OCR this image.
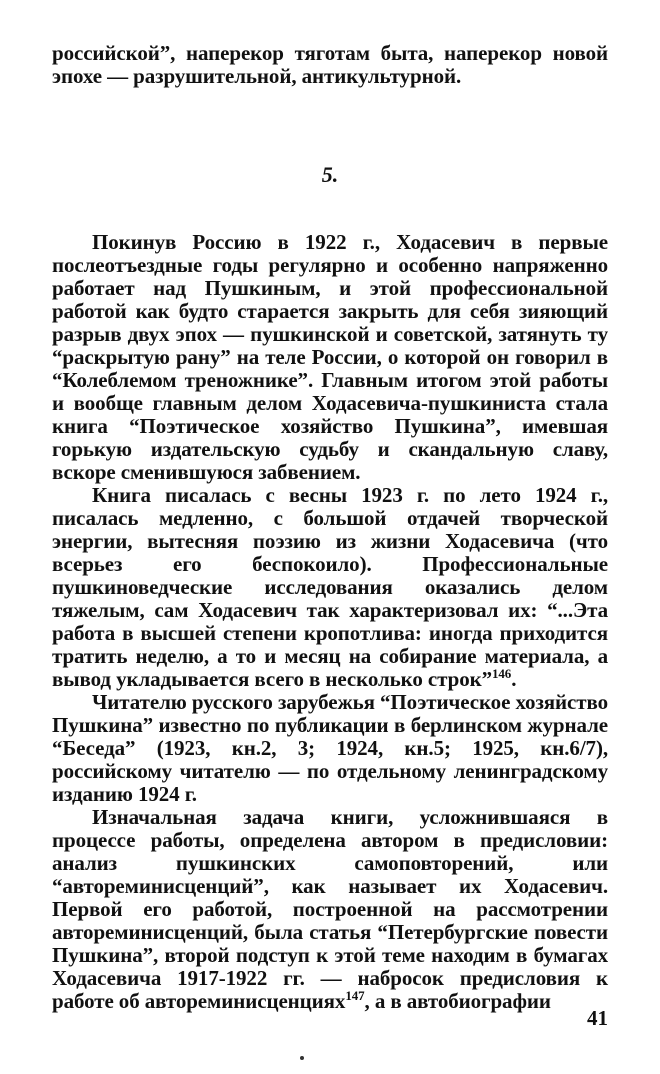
российской”, наперекор тяготам быта, наперекор новой эпохе — разрушительной, антикультурной.

5.

Покинув Россию в 1922 г., Ходасевич в первые послеотъездные годы регулярно и особенно напряженно работает над Пушкиным, и этой профессиональной работой как будто старается закрыть для себя зияющий разрыв двух эпох — пушкинской и советской, затянуть ту “раскрытую рану” на теле России, о которой он говорил в “Колеблемом треножнике”. Главным итогом этой работы и вообще главным делом Ходасевича-пушкиниста стала книга “Поэтическое хозяйство Пушкина”, имевшая горькую издательскую судьбу и скандальную славу, вскоре сменившуюся забвением.

Книга писалась с весны 1923 г. по лето 1924 г., писалась медленно, с большой отдачей творческой энергии, вытесняя поэзию из жизни Ходасевича (что всерьез его беспокоило). Профессиональные пушкиноведческие исследования оказались делом тяжелым, сам Ходасевич так характеризовал их: “...Эта работа в высшей степени кропотлива: иногда приходится тратить неделю, а то и месяц на собирание материала, а вывод укладывается всего в несколько строк”$^{146}$.

Читателю русского зарубежья “Поэтическое хозяйство Пушкина” известно по публикации в берлинском журнале “Беседа” (1923, кн.2, 3; 1924, кн.5; 1925, кн.6/7), российскому читателю — по отдельному ленинградскому изданию 1924 г.

Изначальная задача книги, усложнившаяся в процессе работы, определена автором в предисловии: анализ пушкинских самоповторений, или “автореминисценций”, как называет их Ходасевич. Первой его работой, построенной на рассмотрении автореминисценций, была статья “Петербургские повести Пушкина”, второй подступ к этой теме находим в бумагах Ходасевича 1917-1922 гг. — набросок предисловия к работе об автореминисценциях$^{147}$, а в автобиографии

41
